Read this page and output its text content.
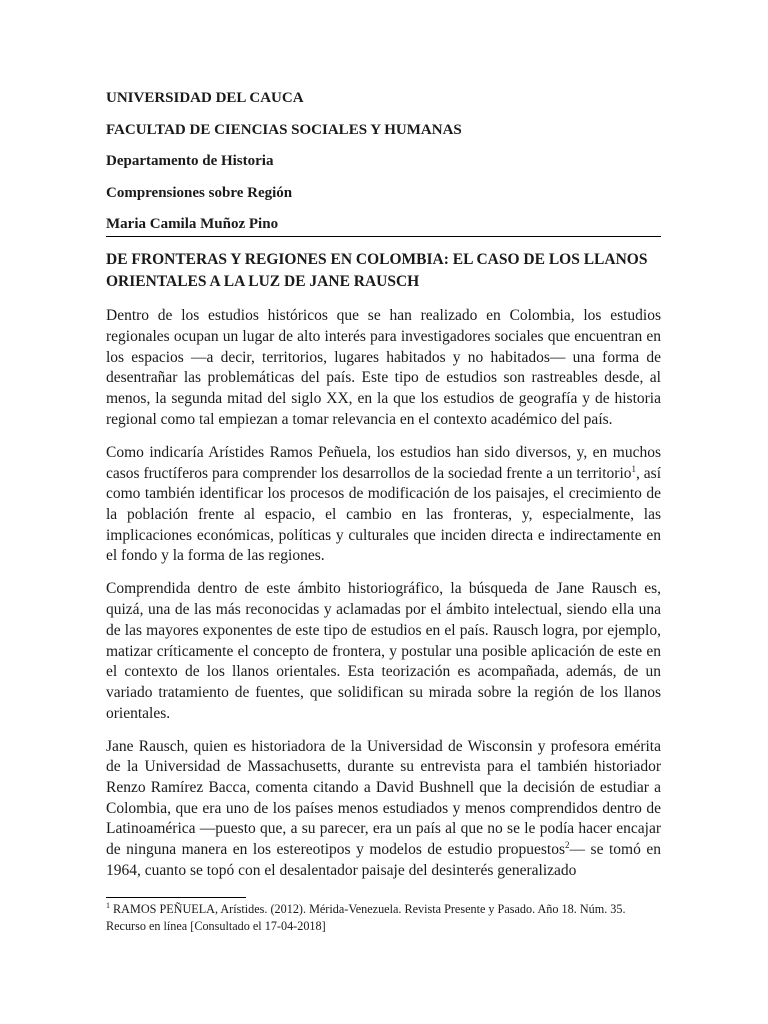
UNIVERSIDAD DEL CAUCA
FACULTAD DE CIENCIAS SOCIALES Y HUMANAS
Departamento de Historia
Comprensiones sobre Región
Maria Camila Muñoz Pino
DE FRONTERAS Y REGIONES EN COLOMBIA: EL CASO DE LOS LLANOS ORIENTALES A LA LUZ DE JANE RAUSCH

Dentro de los estudios históricos que se han realizado en Colombia, los estudios regionales ocupan un lugar de alto interés para investigadores sociales que encuentran en los espacios —a decir, territorios, lugares habitados y no habitados— una forma de desentrañar las problemáticas del país. Este tipo de estudios son rastreables desde, al menos, la segunda mitad del siglo XX, en la que los estudios de geografía y de historia regional como tal empiezan a tomar relevancia en el contexto académico del país.

Como indicaría Arístides Ramos Peñuela, los estudios han sido diversos, y, en muchos casos fructíferos para comprender los desarrollos de la sociedad frente a un territorio$^1$, así como también identificar los procesos de modificación de los paisajes, el crecimiento de la población frente al espacio, el cambio en las fronteras, y, especialmente, las implicaciones económicas, políticas y culturales que inciden directa e indirectamente en el fondo y la forma de las regiones.

Comprendida dentro de este ámbito historiográfico, la búsqueda de Jane Rausch es, quizá, una de las más reconocidas y aclamadas por el ámbito intelectual, siendo ella una de las mayores exponentes de este tipo de estudios en el país. Rausch logra, por ejemplo, matizar críticamente el concepto de frontera, y postular una posible aplicación de este en el contexto de los llanos orientales. Esta teorización es acompañada, además, de un variado tratamiento de fuentes, que solidifican su mirada sobre la región de los llanos orientales.

Jane Rausch, quien es historiadora de la Universidad de Wisconsin y profesora emérita de la Universidad de Massachusetts, durante su entrevista para el también historiador Renzo Ramírez Bacca, comenta citando a David Bushnell que la decisión de estudiar a Colombia, que era uno de los países menos estudiados y menos comprendidos dentro de Latinoamérica —puesto que, a su parecer, era un país al que no se le podía hacer encajar de ninguna manera en los estereotipos y modelos de estudio propuestos$^2$— se tomó en 1964, cuanto se topó con el desalentador paisaje del desinterés generalizado

$^1$ RAMOS PEÑUELA, Arístides. (2012). Mérida-Venezuela. Revista Presente y Pasado. Año 18. Núm. 35. Recurso en línea [Consultado el 17-04-2018]
